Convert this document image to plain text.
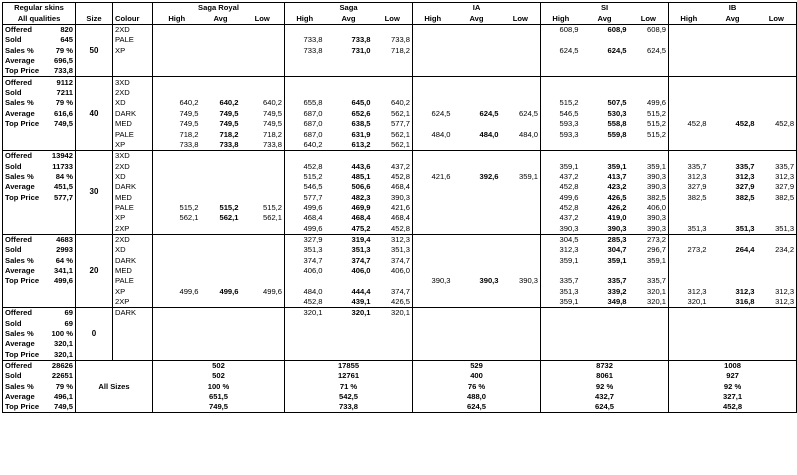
Regular skins				Saga Royal			Saga			IA			SI			IB		
All qualities		Size	Colour	High	Avg	Low	High	Avg	Low	High	Avg	Low	High	Avg	Low	High	Avg	Low
Offered	820	50	2XD										608,9	608,9	608,9			
Sold	645		PALE				733,8	733,8	733,8									
Sales %	79 %		XP				733,8	731,0	718,2				624,5	624,5	624,5			
Average	696,5																	
Top Price	733,8																	
Offered	9112	40	3XD															
Sold	7211		2XD															
Sales %	79 %		XD	640,2	640,2	640,2	655,8	645,0	640,2				515,2	507,5	499,6			
Average	616,6		DARK	749,5	749,5	749,5	687,0	652,6	562,1	624,5	624,5	624,5	546,5	530,3	515,2			
Top Price	749,5		MED	749,5	749,5	749,5	687,0	638,5	577,7				593,3	558,8	515,2	452,8	452,8	452,8
			PALE	718,2	718,2	718,2	687,0	631,9	562,1	484,0	484,0	484,0	593,3	559,8	515,2			
			XP	733,8	733,8	733,8	640,2	613,2	562,1									
Offered	13942	30	3XD															
Sold	11733		2XD				452,8	443,6	437,2				359,1	359,1	359,1	335,7	335,7	335,7
Sales %	84 %		XD				515,2	485,1	452,8	421,6	392,6	359,1	437,2	413,7	390,3	312,3	312,3	312,3
Average	451,5		DARK				546,5	506,6	468,4				452,8	423,2	390,3	327,9	327,9	327,9
Top Price	577,7		MED				577,7	482,3	390,3				499,6	426,5	382,5	382,5	382,5	382,5
			PALE	515,2	515,2	515,2	499,6	469,9	421,6				452,8	426,2	406,0			
			XP	562,1	562,1	562,1	468,4	468,4	468,4				437,2	419,0	390,3			
			2XP				499,6	475,2	452,8				390,3	390,3	390,3	351,3	351,3	351,3
Offered	4683	20	2XD				327,9	319,4	312,3				304,5	285,3	273,2			
Sold	2993		XD				351,3	351,3	351,3				312,3	304,7	296,7	273,2	264,4	234,2
Sales %	64 %		DARK				374,7	374,7	374,7				359,1	359,1	359,1			
Average	341,1		MED				406,0	406,0	406,0									
Top Price	499,6		PALE							390,3	390,3	390,3	335,7	335,7	335,7			
			XP	499,6	499,6	499,6	484,0	444,4	374,7				351,3	339,2	320,1	312,3	312,3	312,3
			2XP				452,8	439,1	426,5				359,1	349,8	320,1	320,1	316,8	312,3
Offered	69	0	DARK				320,1	320,1	320,1									
Sold	69																	
Sales %	100 %																	
Average	320,1																	
Top Price	320,1																	
Offered	28626	All Sizes		502			17855			529			8732			1008		
Sold	22651			502			12761			400			8061			927		
Sales %	79 %			100 %			71 %			76 %			92 %			92 %		
Average	496,1			651,5			542,5			488,0			432,7			327,1		
Top Price	749,5			749,5			733,8			624,5			624,5			452,8		
